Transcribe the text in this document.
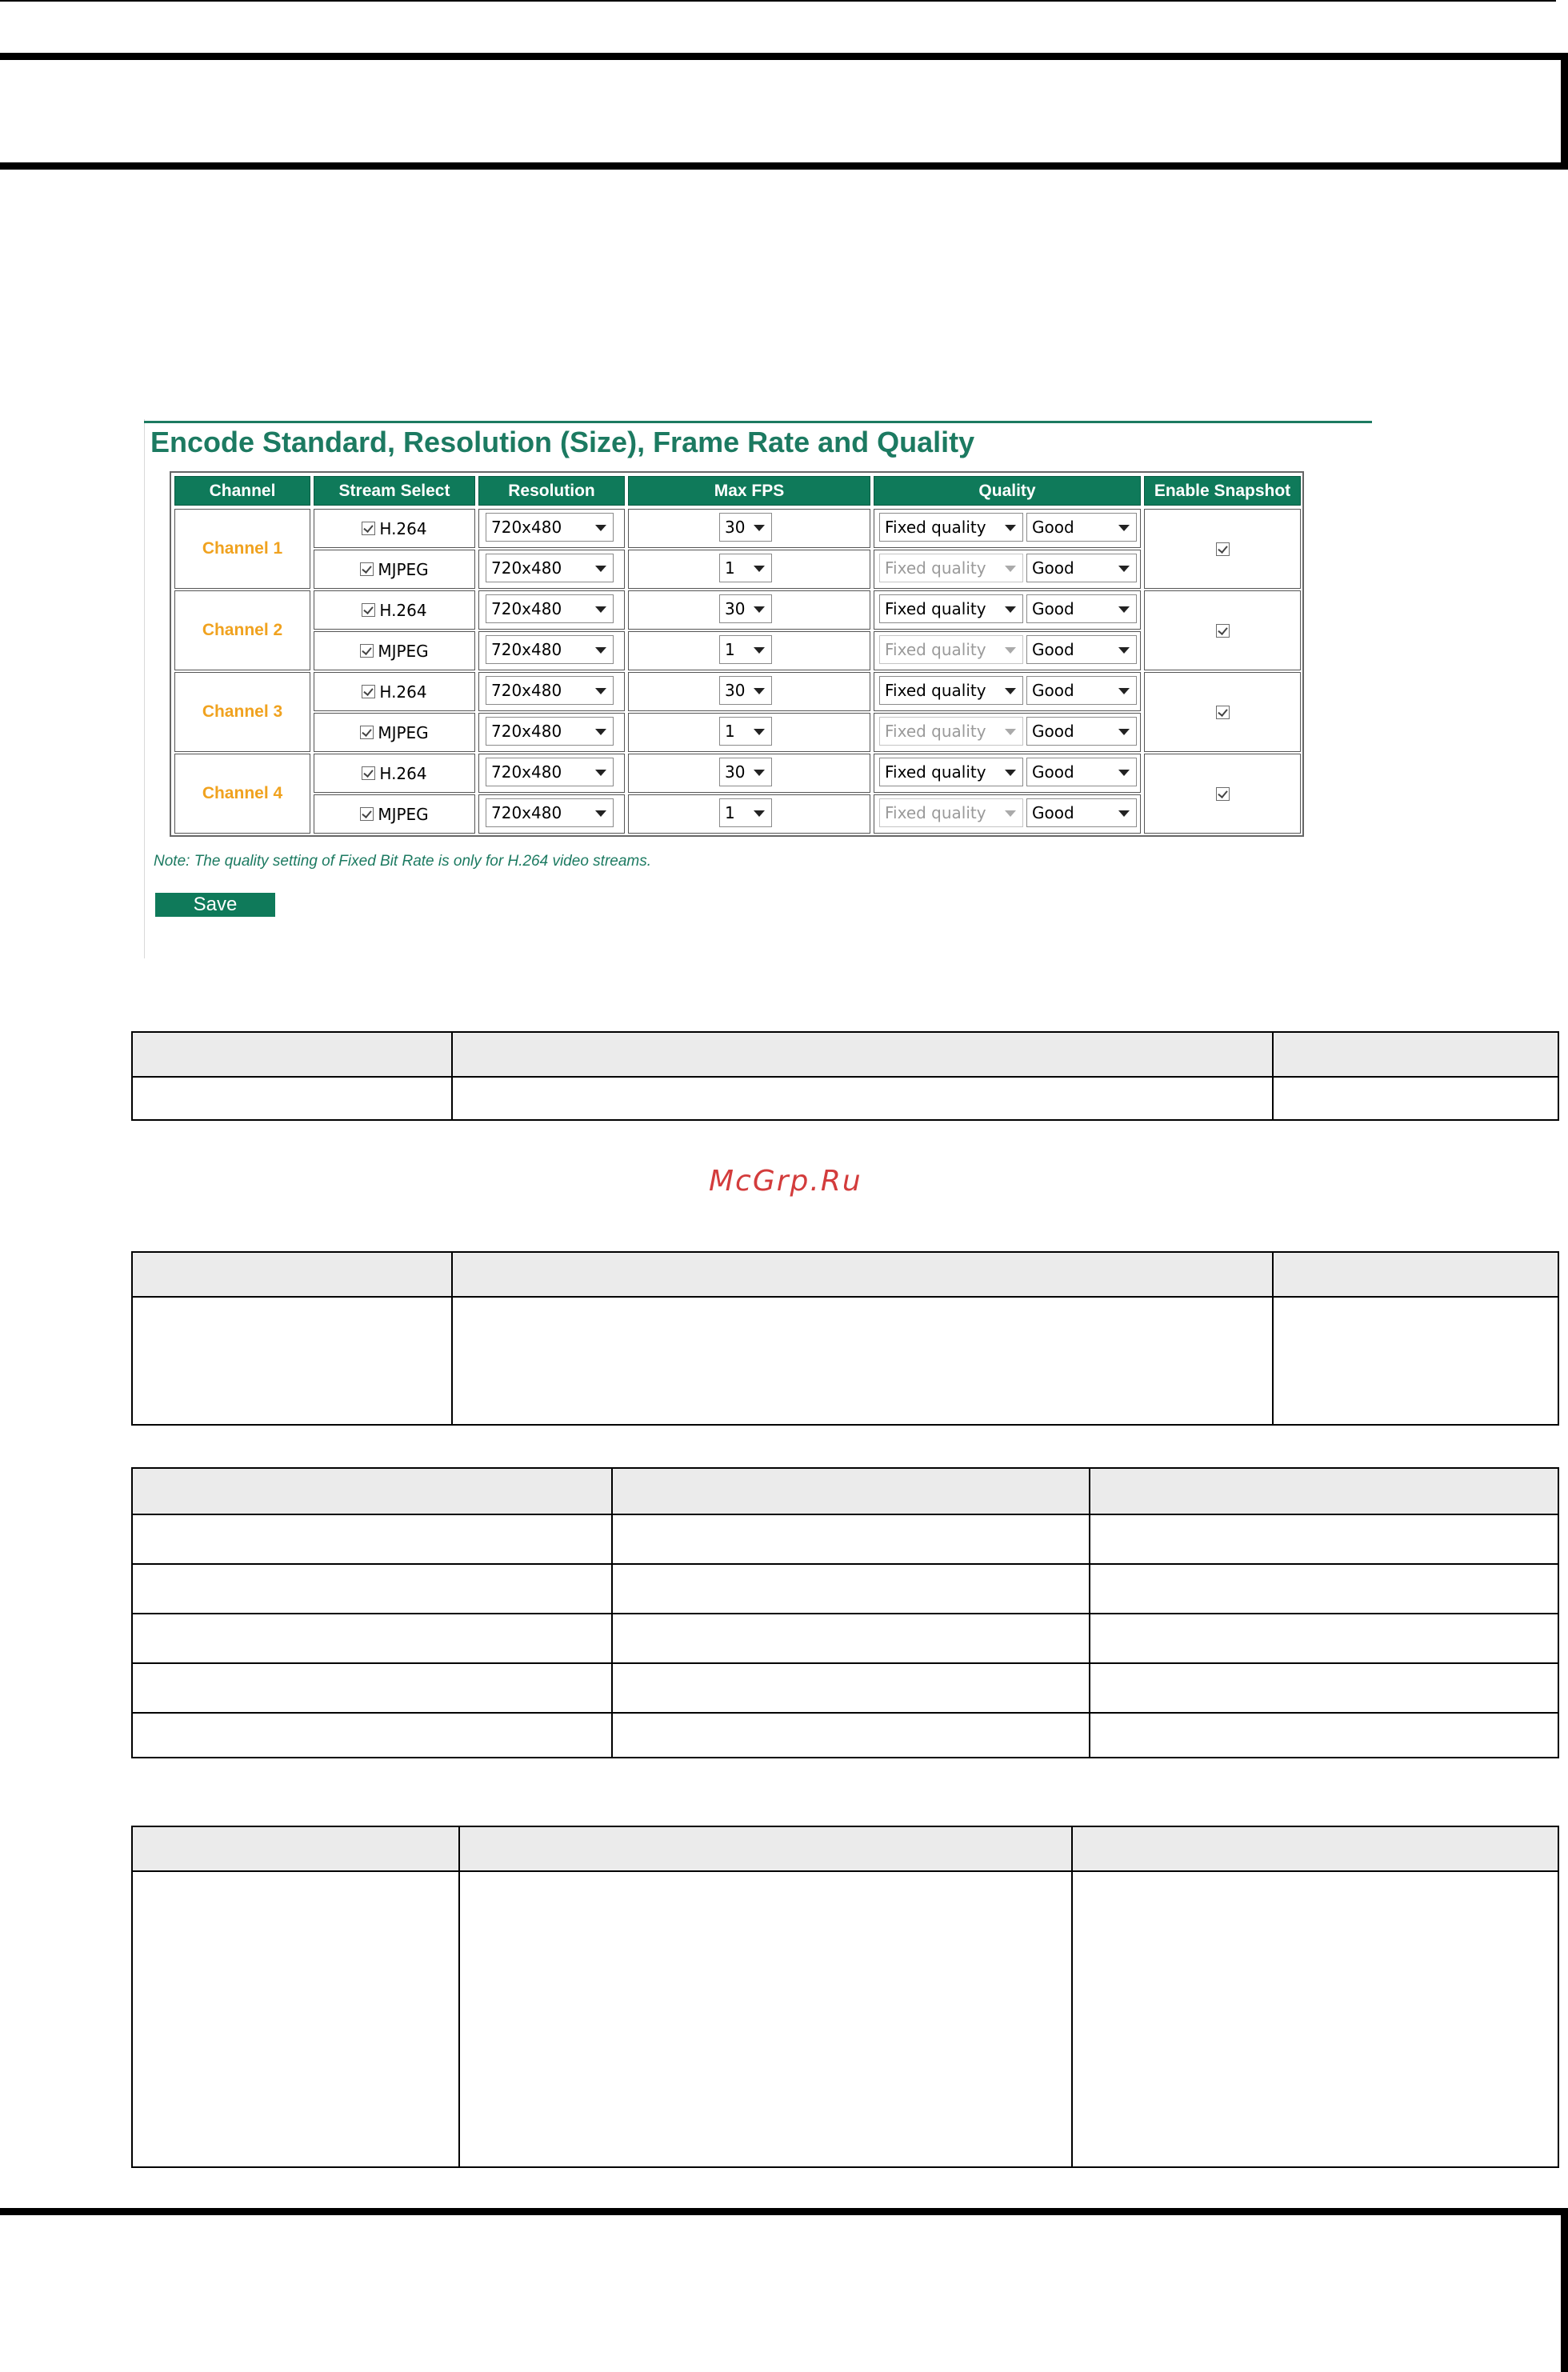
Encode Standard, Resolution (Size), Frame Rate and Quality
Channel	Stream Select	Resolution	Max FPS	Quality	Enable Snapshot
Channel 1
H.264	720x480	30	Fixed quality	Good
MJPEG	720x480	1	Fixed quality	Good
Channel 2
H.264	720x480	30	Fixed quality	Good
MJPEG	720x480	1	Fixed quality	Good
Channel 3
H.264	720x480	30	Fixed quality	Good
MJPEG	720x480	1	Fixed quality	Good
Channel 4
H.264	720x480	30	Fixed quality	Good
MJPEG	720x480	1	Fixed quality	Good
Note: The quality setting of Fixed Bit Rate is only for H.264 video streams.
Save
McGrp.Ru
